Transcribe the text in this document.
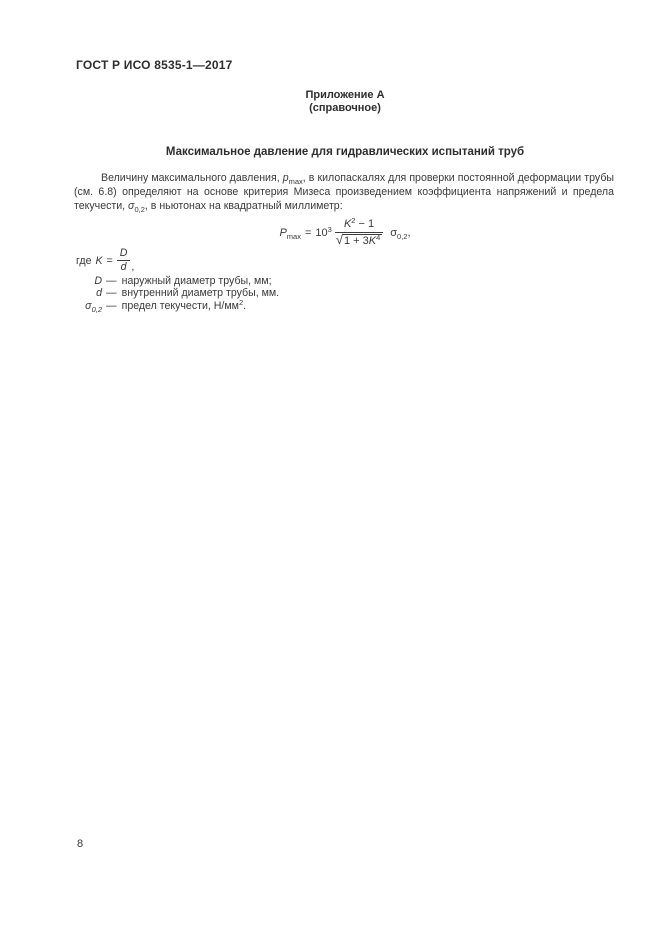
ГОСТ Р ИСО 8535-1—2017
Приложение А
(справочное)
Максимальное давление для гидравлических испытаний труб
Величину максимального давления, $p_{max}$, в килопаскалях для проверки постоянной деформации трубы (см. 6.8) определяют на основе критерия Мизеса произведением коэффициента напряжений и предела текучести, $\sigma_{0,2}$, в ньютонах на квадратный миллиметр:
$P_{max} = 10^3 \frac{K^2 - 1}{√ 1 + 3K^4} \sigma_{0,2}$,
где $K = \frac{D}{d}$ ,
D — наружный диаметр трубы, мм;
d — внутренний диаметр трубы, мм.
$\sigma_{0,2}$ — предел текучести, $Н/мм^2$.
8
